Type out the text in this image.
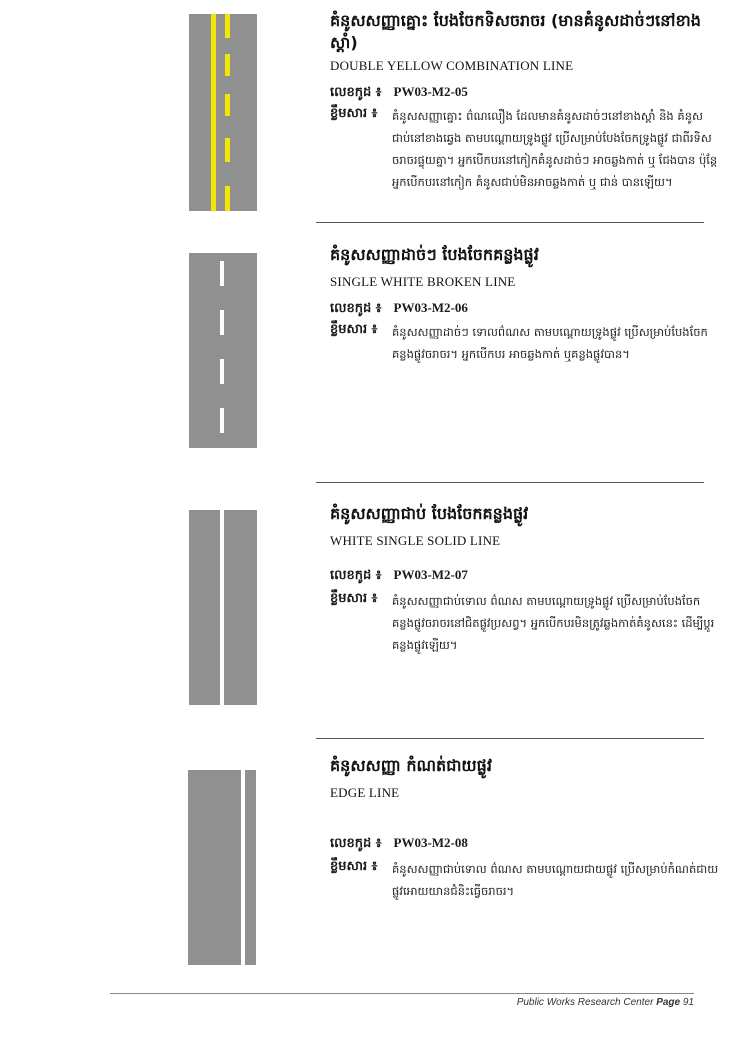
គំនូសសញ្ញាគ្នោះ បែងចែកទិសចរាចរ (មានគំនូសដាច់ៗនៅខាងស្ដាំ)
DOUBLE YELLOW COMBINATION LINE
លេខកូដ ៖ PW03-M2-05
ខ្លឹមសារ ៖	គំនូសសញ្ញាគ្នោះ ព៌ណលឿង ដែលមានគំនូសដាច់ៗនៅខាងស្ដាំ និង គំនូសជាប់នៅខាងឆ្វេង តាមបណ្ដោយទ្រូងផ្លូវ ប្រើសម្រាប់បែងចែកទ្រូងផ្លូវ ជាពីរទិសចរាចរផ្ទុយគ្នា។ អ្នកបើកបរនៅកៀកគំនូសដាច់ៗ អាចឆ្លងកាត់ ឬ ជែងបាន ប៉ុន្តែអ្នកបើកបរនៅកៀក គំនូសជាប់មិនអាចឆ្លងកាត់ ឬ ជាន់ បានឡើយ។
គំនូសសញ្ញាដាច់ៗ បែងចែកគន្លងផ្លូវ
SINGLE WHITE BROKEN LINE
លេខកូដ ៖ PW03-M2-06
ខ្លឹមសារ ៖	គំនូសសញ្ញាដាច់ៗ ទោលព៌ណស តាមបណ្ដោយទ្រូងផ្លូវ ប្រើសម្រាប់បែងចែកគន្លងផ្លូវចរាចរ។ អ្នកបើកបរ អាចឆ្លងកាត់ ឬគន្លងផ្លូវបាន។
គំនូសសញ្ញាជាប់ បែងចែកគន្លងផ្លូវ
WHITE SINGLE SOLID LINE
លេខកូដ ៖ PW03-M2-07
ខ្លឹមសារ ៖	គំនូសសញ្ញាជាប់ទោល ព៌ណស តាមបណ្ដោយទ្រូងផ្លូវ ប្រើសម្រាប់បែងចែកគន្លងផ្លូវចរាចរនៅជិតផ្លូវប្រសព្វ។ អ្នកបើកបរមិនត្រូវឆ្លងកាត់គំនូសនេះ ដើម្បីប្ដូរគន្លងផ្លូវឡើយ។
គំនូសសញ្ញា កំណត់ជាយផ្លូវ
EDGE LINE
លេខកូដ ៖ PW03-M2-08
ខ្លឹមសារ ៖	គំនូសសញ្ញាជាប់ទោល ព៌ណស តាមបណ្ដោយជាយផ្លូវ ប្រើសម្រាប់កំណត់ជាយផ្លូវអោយយានជំនិះធ្វើចរាចរ។
Public Works Research Center Page 91
